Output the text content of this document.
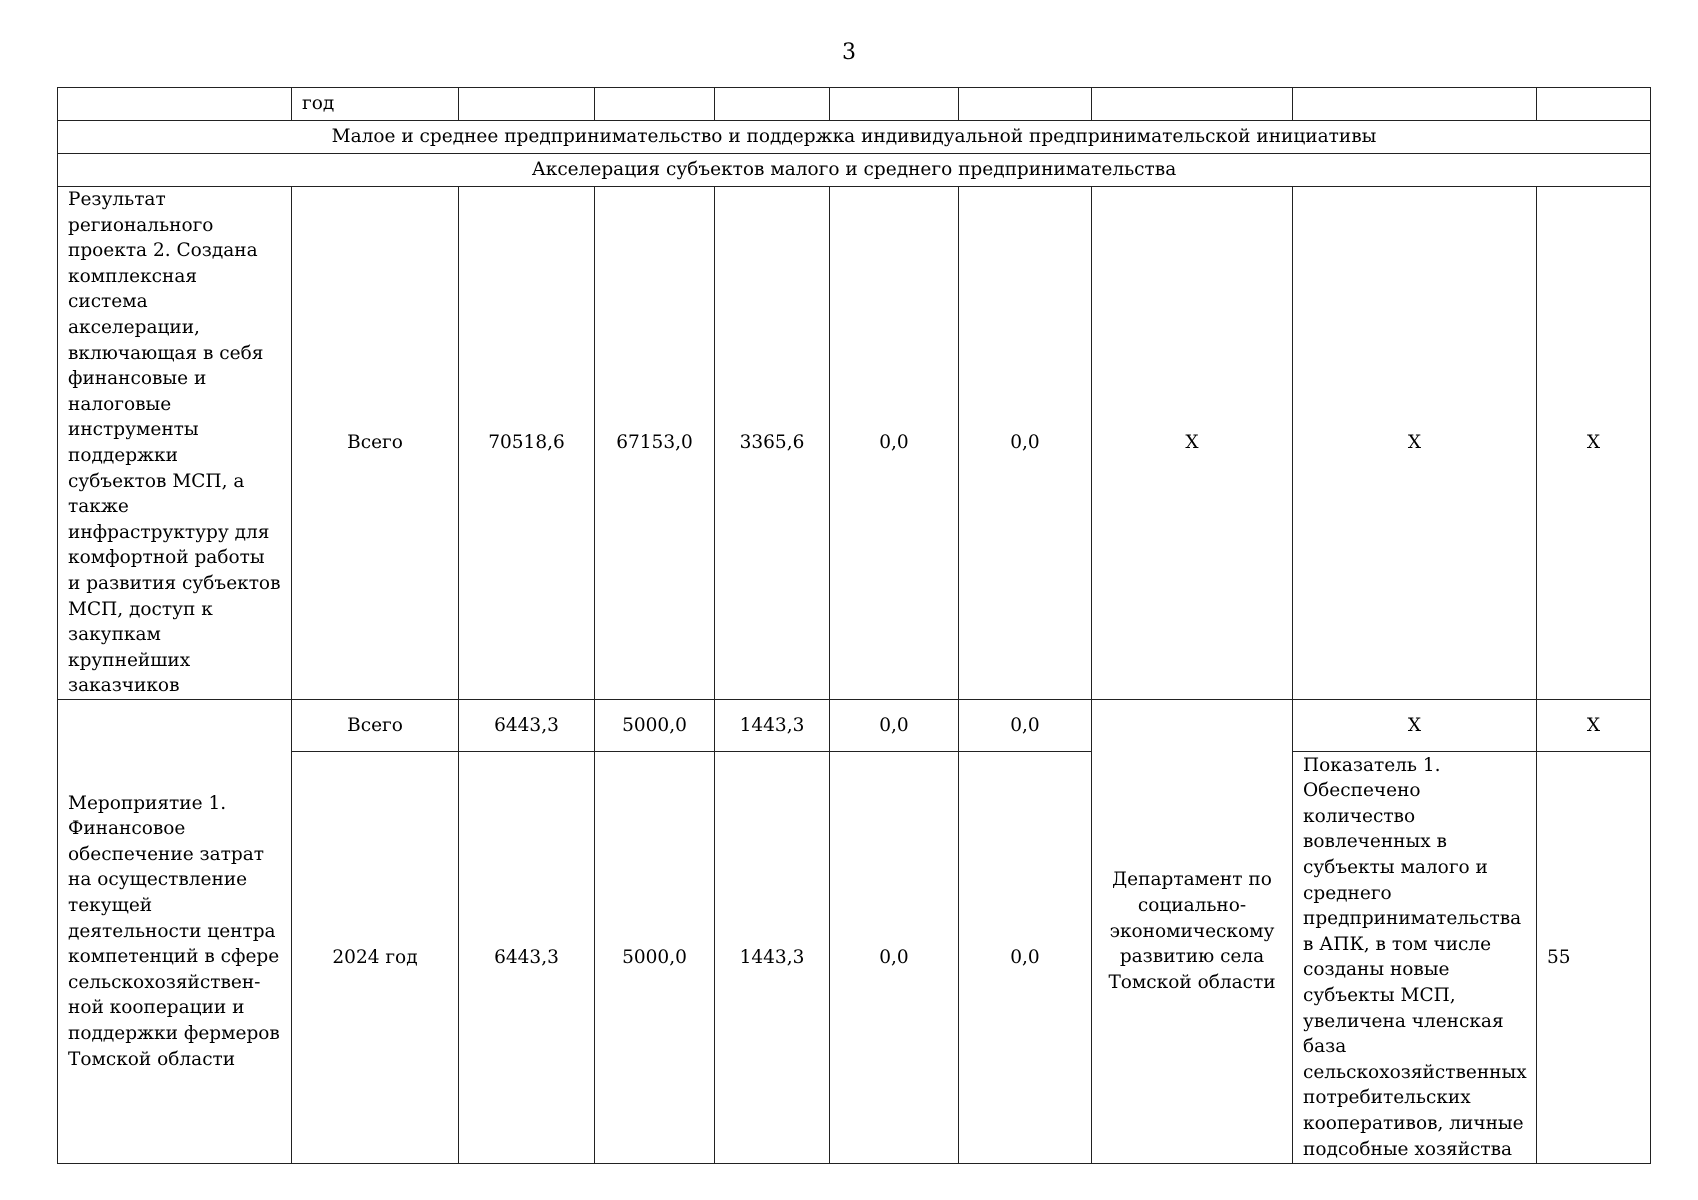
3
	год								
Малое и среднее предпринимательство и поддержка индивидуальной предпринимательской инициативы									
Акселерация субъектов малого и среднего предпринимательства									
Результат регионального проекта 2. Создана комплексная система акселерации, включающая в себя финансовые и налоговые инструменты поддержки субъектов МСП, а также инфраструктуру для комфортной работы и развития субъектов МСП, доступ к закупкам крупнейших заказчиков	Всего	70518,6	67153,0	3365,6	0,0	0,0	X	X	X
Мероприятие 1. Финансовое обеспечение затрат на осуществление текущей деятельности центра компетенций в сфере сельскохозяйствен-ной кооперации и поддержки фермеров Томской области	Всего	6443,3	5000,0	1443,3	0,0	0,0	Департамент по социально-экономическому развитию села Томской области	X	X
	2024 год	6443,3	5000,0	1443,3	0,0	0,0		Показатель 1. Обеспечено количество вовлеченных в субъекты малого и среднего предпринимательства в АПК, в том числе созданы новые субъекты МСП, увеличена членская база сельскохозяйственных потребительских кооперативов, личные подсобные хозяйства	55
